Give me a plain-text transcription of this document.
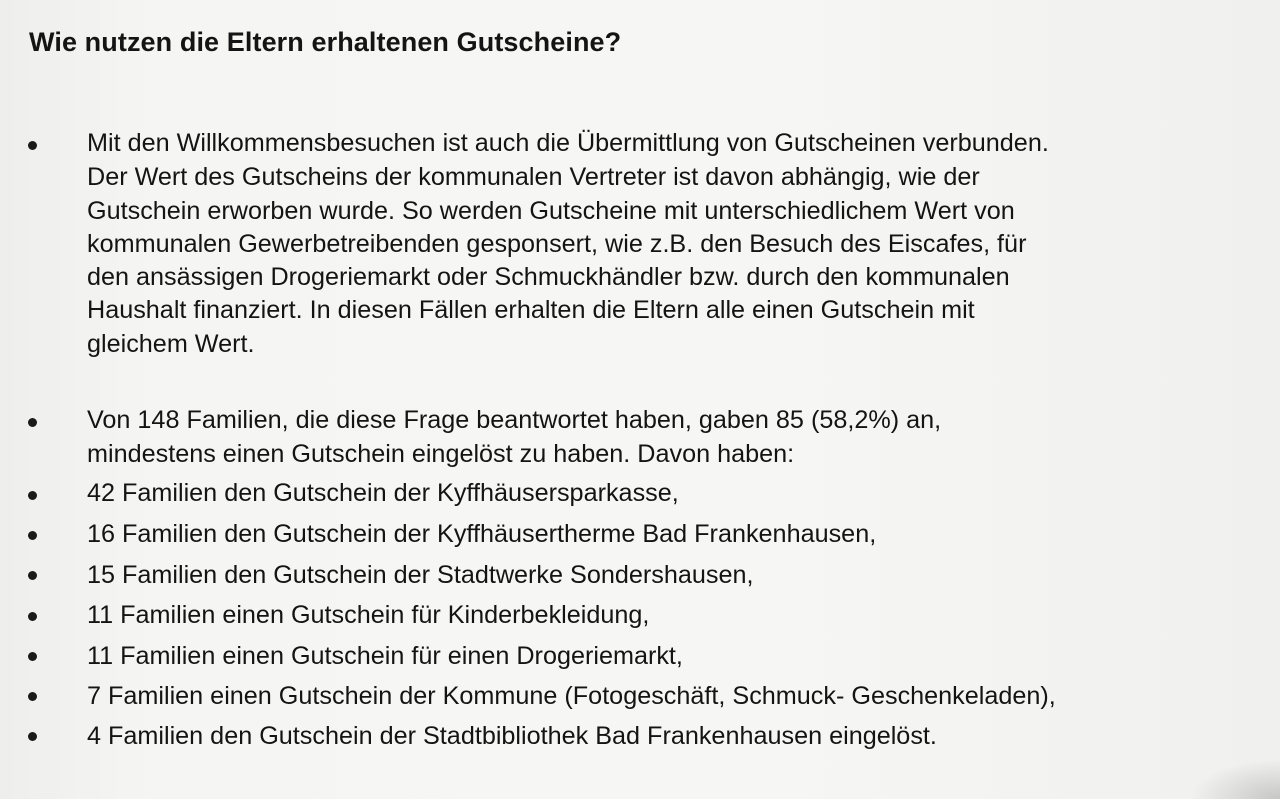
Wie nutzen die Eltern erhaltenen Gutscheine?
Mit den Willkommensbesuchen ist auch die Übermittlung von Gutscheinen verbunden.
Der Wert des Gutscheins der kommunalen Vertreter ist davon abhängig, wie der
Gutschein erworben wurde. So werden Gutscheine mit unterschiedlichem Wert von
kommunalen Gewerbetreibenden gesponsert, wie z.B. den Besuch des Eiscafes, für
den ansässigen Drogeriemarkt oder Schmuckhändler bzw. durch den kommunalen
Haushalt finanziert. In diesen Fällen erhalten die Eltern alle einen Gutschein mit
gleichem Wert.
Von 148 Familien, die diese Frage beantwortet haben, gaben 85 (58,2%) an,
mindestens einen Gutschein eingelöst zu haben. Davon haben:
42 Familien den Gutschein der Kyffhäusersparkasse,
16 Familien den Gutschein der Kyffhäusertherme Bad Frankenhausen,
15 Familien den Gutschein der Stadtwerke Sondershausen,
11 Familien einen Gutschein für Kinderbekleidung,
11 Familien einen Gutschein für einen Drogeriemarkt,
7 Familien einen Gutschein der Kommune (Fotogeschäft, Schmuck- Geschenkeladen),
4 Familien den Gutschein der Stadtbibliothek Bad Frankenhausen eingelöst.
